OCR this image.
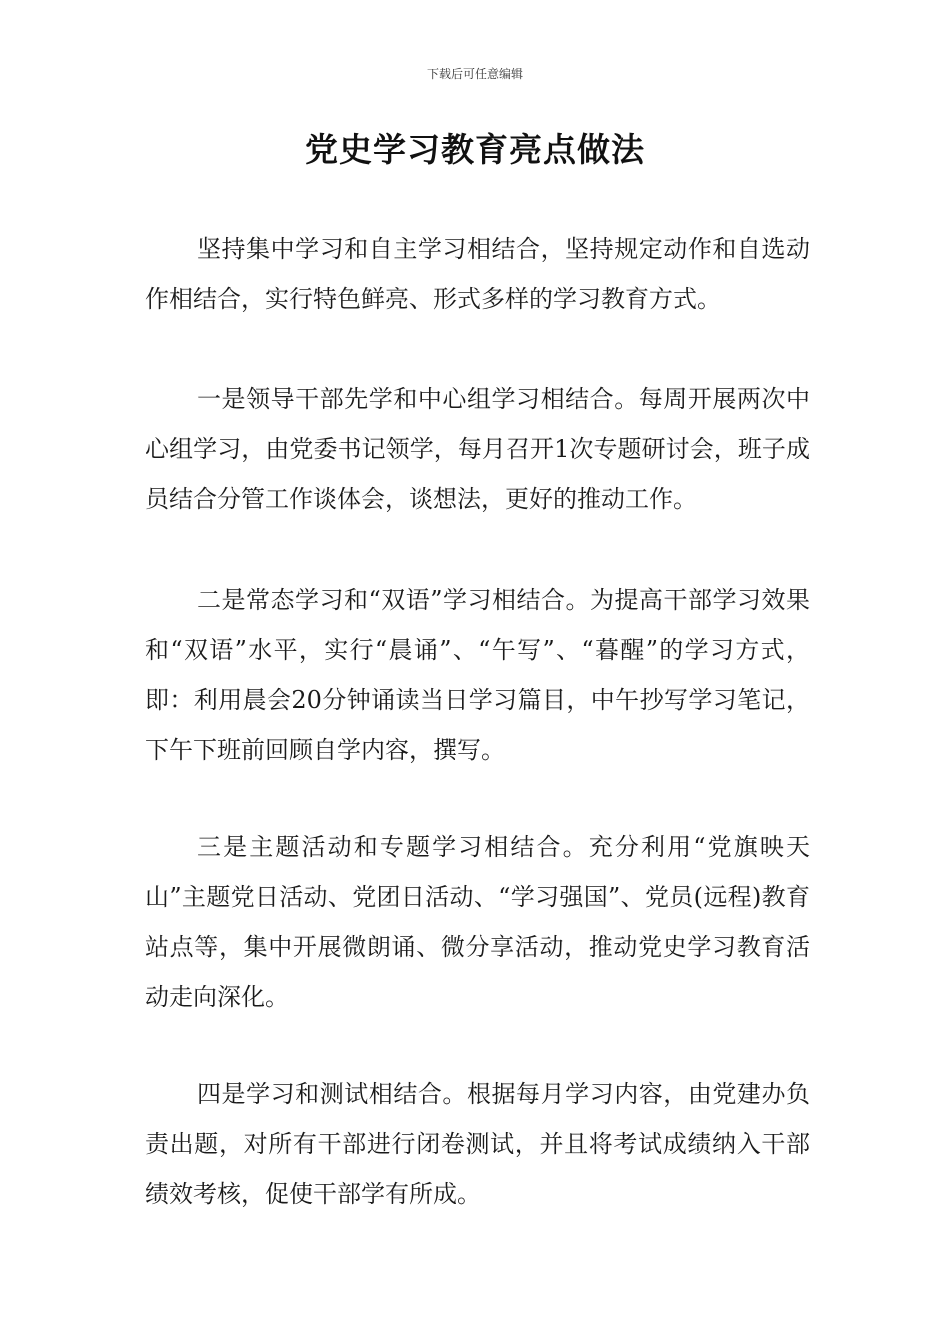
下载后可任意编辑
党史学习教育亮点做法

坚持集中学习和自主学习相结合，坚持规定动作和自选动作相结合，实行特色鲜亮、形式多样的学习教育方式。

一是领导干部先学和中心组学习相结合。每周开展两次中心组学习，由党委书记领学，每月召开1次专题研讨会，班子成员结合分管工作谈体会，谈想法，更好的推动工作。

二是常态学习和“双语”学习相结合。为提高干部学习效果和“双语”水平，实行“晨诵”、“午写”、“暮醒”的学习方式，即：利用晨会20分钟诵读当日学习篇目，中午抄写学习笔记，下午下班前回顾自学内容，撰写。

三是主题活动和专题学习相结合。充分利用“党旗映天山”主题党日活动、党团日活动、“学习强国”、党员(远程)教育站点等，集中开展微朗诵、微分享活动，推动党史学习教育活动走向深化。

四是学习和测试相结合。根据每月学习内容，由党建办负责出题，对所有干部进行闭卷测试，并且将考试成绩纳入干部绩效考核，促使干部学有所成。
